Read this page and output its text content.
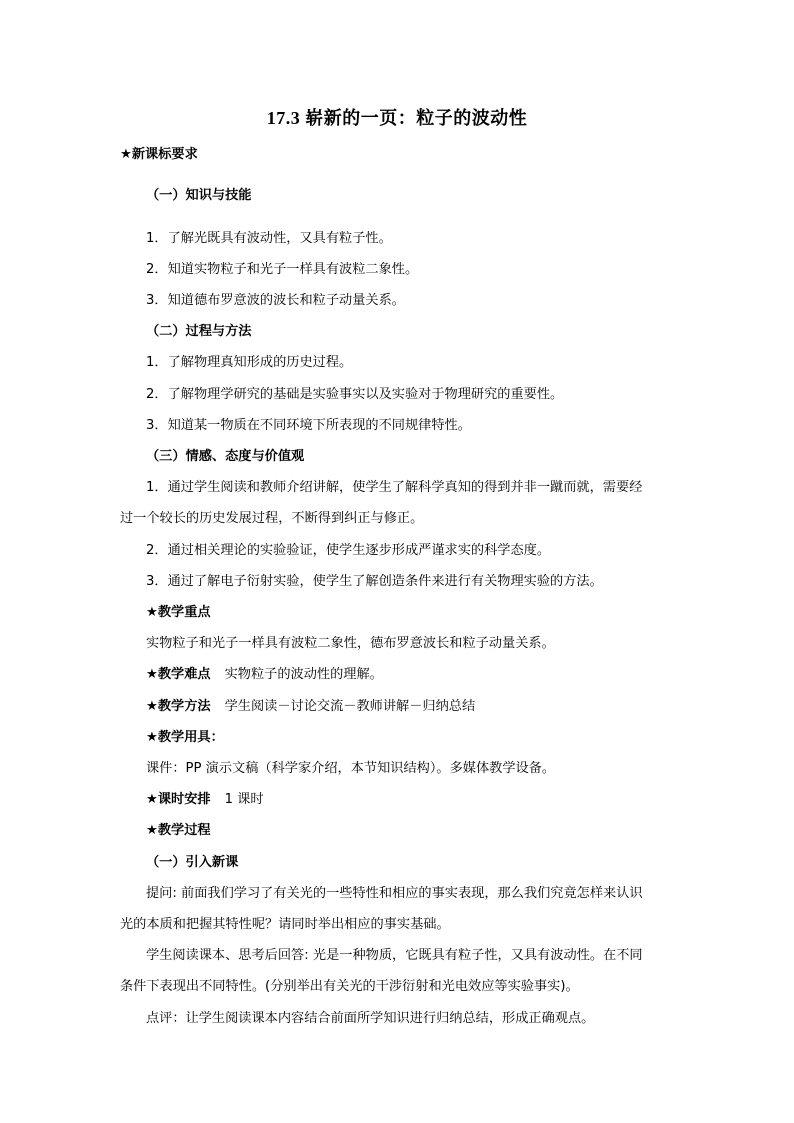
17.3 崭新的一页：粒子的波动性
★新课标要求
（一）知识与技能
1．了解光既具有波动性，又具有粒子性。
2．知道实物粒子和光子一样具有波粒二象性。
3．知道德布罗意波的波长和粒子动量关系。
（二）过程与方法
1．了解物理真知形成的历史过程。
2．了解物理学研究的基础是实验事实以及实验对于物理研究的重要性。
3．知道某一物质在不同环境下所表现的不同规律特性。
（三）情感、态度与价值观
1．通过学生阅读和教师介绍讲解，使学生了解科学真知的得到并非一蹴而就，需要经
过一个较长的历史发展过程，不断得到纠正与修正。
2．通过相关理论的实验验证，使学生逐步形成严谨求实的科学态度。
3．通过了解电子衍射实验，使学生了解创造条件来进行有关物理实验的方法。
★教学重点
实物粒子和光子一样具有波粒二象性，德布罗意波长和粒子动量关系。
★教学难点 实物粒子的波动性的理解。
★教学方法 学生阅读－讨论交流－教师讲解－归纳总结
★教学用具：
课件：PP 演示文稿（科学家介绍，本节知识结构）。多媒体教学设备。
★课时安排 1 课时
★教学过程
（一）引入新课
提问: 前面我们学习了有关光的一些特性和相应的事实表现，那么我们究竟怎样来认识
光的本质和把握其特性呢？请同时举出相应的事实基础。
学生阅读课本、思考后回答: 光是一种物质，它既具有粒子性，又具有波动性。在不同
条件下表现出不同特性。(分别举出有关光的干涉衍射和光电效应等实验事实)。
点评：让学生阅读课本内容结合前面所学知识进行归纳总结，形成正确观点。
